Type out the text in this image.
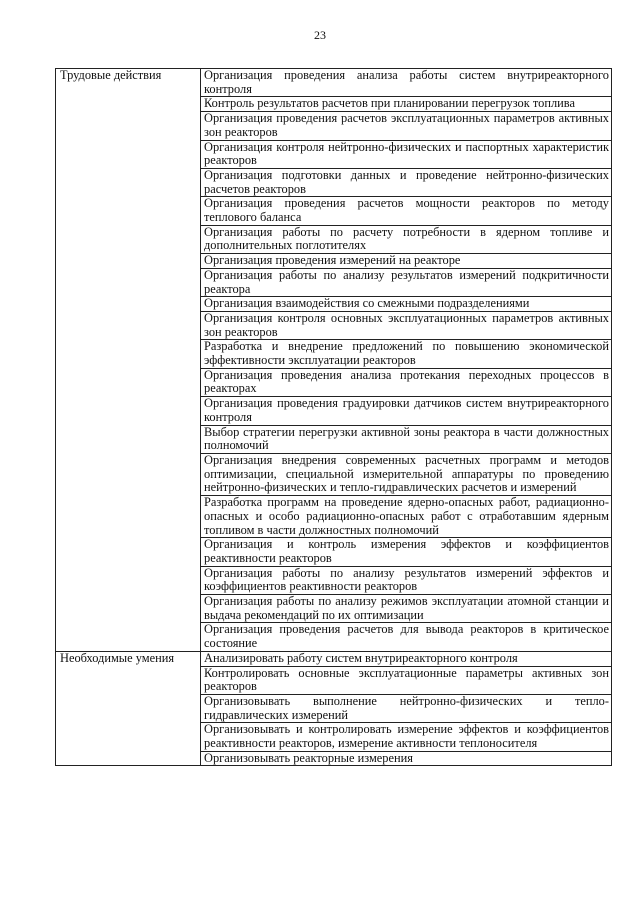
23
Трудовые действия	Организация проведения анализа работы систем внутриреакторного контроля
	Контроль результатов расчетов при планировании перегрузок топлива
	Организация проведения расчетов эксплуатационных параметров активных зон реакторов
	Организация контроля нейтронно-физических и паспортных характеристик реакторов
	Организация подготовки данных и проведение нейтронно-физических расчетов реакторов
	Организация проведения расчетов мощности реакторов по методу теплового баланса
	Организация работы по расчету потребности в ядерном топливе и дополнительных поглотителях
	Организация проведения измерений на реакторе
	Организация работы по анализу результатов измерений подкритичности реактора
	Организация взаимодействия со смежными подразделениями
	Организация контроля основных эксплуатационных параметров активных зон реакторов
	Разработка и внедрение предложений по повышению экономической эффективности эксплуатации реакторов
	Организация проведения анализа протекания переходных процессов в реакторах
	Организация проведения градуировки датчиков систем внутриреакторного контроля
	Выбор стратегии перегрузки активной зоны реактора в части должностных полномочий
	Организация внедрения современных расчетных программ и методов оптимизации, специальной измерительной аппаратуры по проведению нейтронно-физических и тепло-гидравлических расчетов и измерений
	Разработка программ на проведение ядерно-опасных работ, радиационно-опасных и особо радиационно-опасных работ с отработавшим ядерным топливом в части должностных полномочий
	Организация и контроль измерения эффектов и коэффициентов реактивности реакторов
	Организация работы по анализу результатов измерений эффектов и коэффициентов реактивности реакторов
	Организация работы по анализу режимов эксплуатации атомной станции и выдача рекомендаций по их оптимизации
	Организация проведения расчетов для вывода реакторов в критическое состояние
Необходимые умения	Анализировать работу систем внутриреакторного контроля
	Контролировать основные эксплуатационные параметры активных зон реакторов
	Организовывать выполнение нейтронно-физических и тепло-гидравлических измерений
	Организовывать и контролировать измерение эффектов и коэффициентов реактивности реакторов, измерение активности теплоносителя
	Организовывать реакторные измерения
